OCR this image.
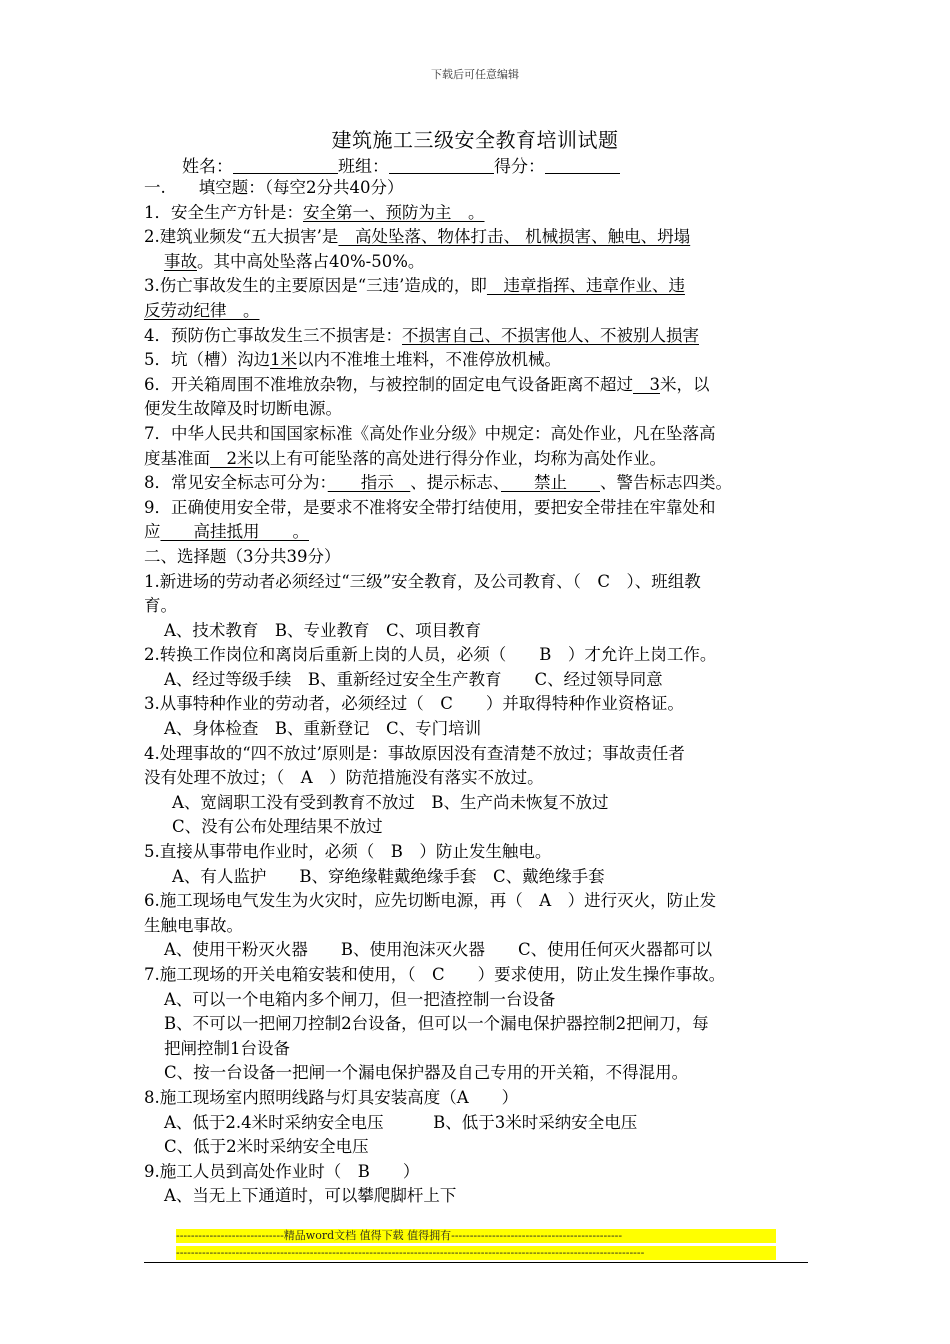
下载后可任意编辑
建筑施工三级安全教育培训试题
姓名：	班组：	得分：
一.　　填空题：（每空2分共40分）
1．安全生产方针是：安全第一、预防为主　。
2.建筑业频发“五大损害’是　高处坠落、物体打击、 机械损害、触电、坍塌
事故。其中高处坠落占40%-50%。
3.伤亡事故发生的主要原因是“三违’造成的，即　违章指挥、违章作业、违
反劳动纪律　。
4．预防伤亡事故发生三不损害是：不损害自己、不损害他人、不被别人损害
5．坑（槽）沟边1米以内不准堆土堆料，不准停放机械。
6．开关箱周围不准堆放杂物，与被控制的固定电气设备距离不超过　3米，以
便发生故障及时切断电源。
7．中华人民共和国国家标准《高处作业分级》中规定：高处作业，凡在坠落高
度基准面　2米以上有可能坠落的高处进行得分作业，均称为高处作业。
8．常见安全标志可分为：　　指示　、提示标志、　　禁止　　、警告标志四类。
9．正确使用安全带，是要求不准将安全带打结使用，要把安全带挂在牢靠处和
应　　高挂抵用　　。
二、选择题（3分共39分）
1.新进场的劳动者必须经过“三级”安全教育，及公司教育、（　C　）、班组教
育。
A、技术教育　B、专业教育　C、项目教育
2.转换工作岗位和离岗后重新上岗的人员，必须（　　B　）才允许上岗工作。
A、经过等级手续　B、重新经过安全生产教育　　C、经过领导同意
3.从事特种作业的劳动者，必须经过（　C　　）并取得特种作业资格证。
A、身体检查　B、重新登记　C、专门培训
4.处理事故的“四不放过’原则是：事故原因没有查清楚不放过；事故责任者
没有处理不放过；（　A　）防范措施没有落实不放过。
A、宽阔职工没有受到教育不放过　B、生产尚未恢复不放过
C、没有公布处理结果不放过
5.直接从事带电作业时，必须（　B　）防止发生触电。
A、有人监护　　B、穿绝缘鞋戴绝缘手套　C、戴绝缘手套
6.施工现场电气发生为火灾时，应先切断电源，再（　A　）进行灭火，防止发
生触电事故。
A、使用干粉灭火器　　B、使用泡沫灭火器　　C、使用任何灭火器都可以
7.施工现场的开关电箱安装和使用，（　C　　）要求使用，防止发生操作事故。
A、可以一个电箱内多个闸刀，但一把渣控制一台设备
B、不可以一把闸刀控制2台设备，但可以一个漏电保护器控制2把闸刀，每
把闸控制1台设备
C、按一台设备一把闸一个漏电保护器及自己专用的开关箱，不得混用。
8.施工现场室内照明线路与灯具安装高度（A　　）
A、低于2.4米时采纳安全电压　　　B、低于3米时采纳安全电压
C、低于2米时采纳安全电压
9.施工人员到高处作业时（　B　　）
A、当无上下通道时，可以攀爬脚杆上下
-----------------------------精品word文档 值得下载 值得拥有----------------------------------------------
------------------------------------------------------------------------------------------------------------------------------
